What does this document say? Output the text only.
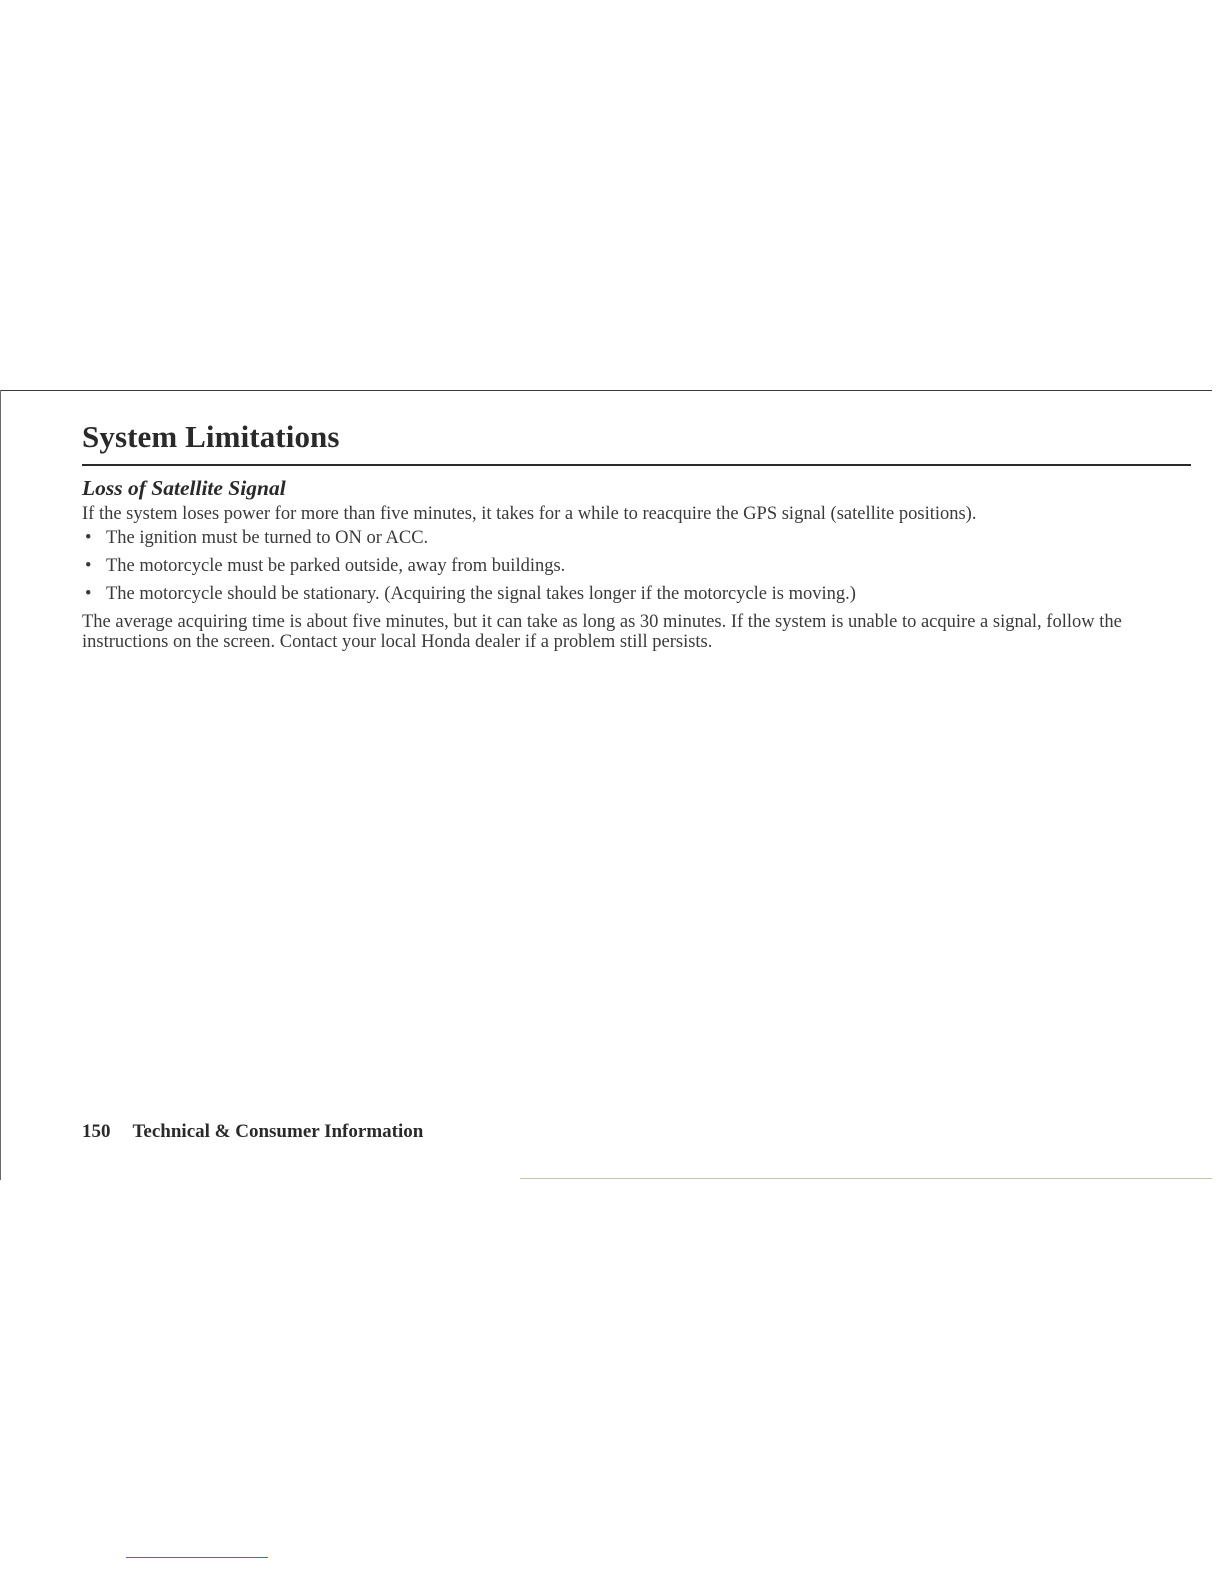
System Limitations
Loss of Satellite Signal

If the system loses power for more than five minutes, it takes for a while to reacquire the GPS signal (satellite positions).

• The ignition must be turned to ON or ACC.
• The motorcycle must be parked outside, away from buildings.
• The motorcycle should be stationary. (Acquiring the signal takes longer if the motorcycle is moving.)

The average acquiring time is about five minutes, but it can take as long as 30 minutes. If the system is unable to acquire a signal, follow the instructions on the screen. Contact your local Honda dealer if a problem still persists.

150 Technical & Consumer Information
